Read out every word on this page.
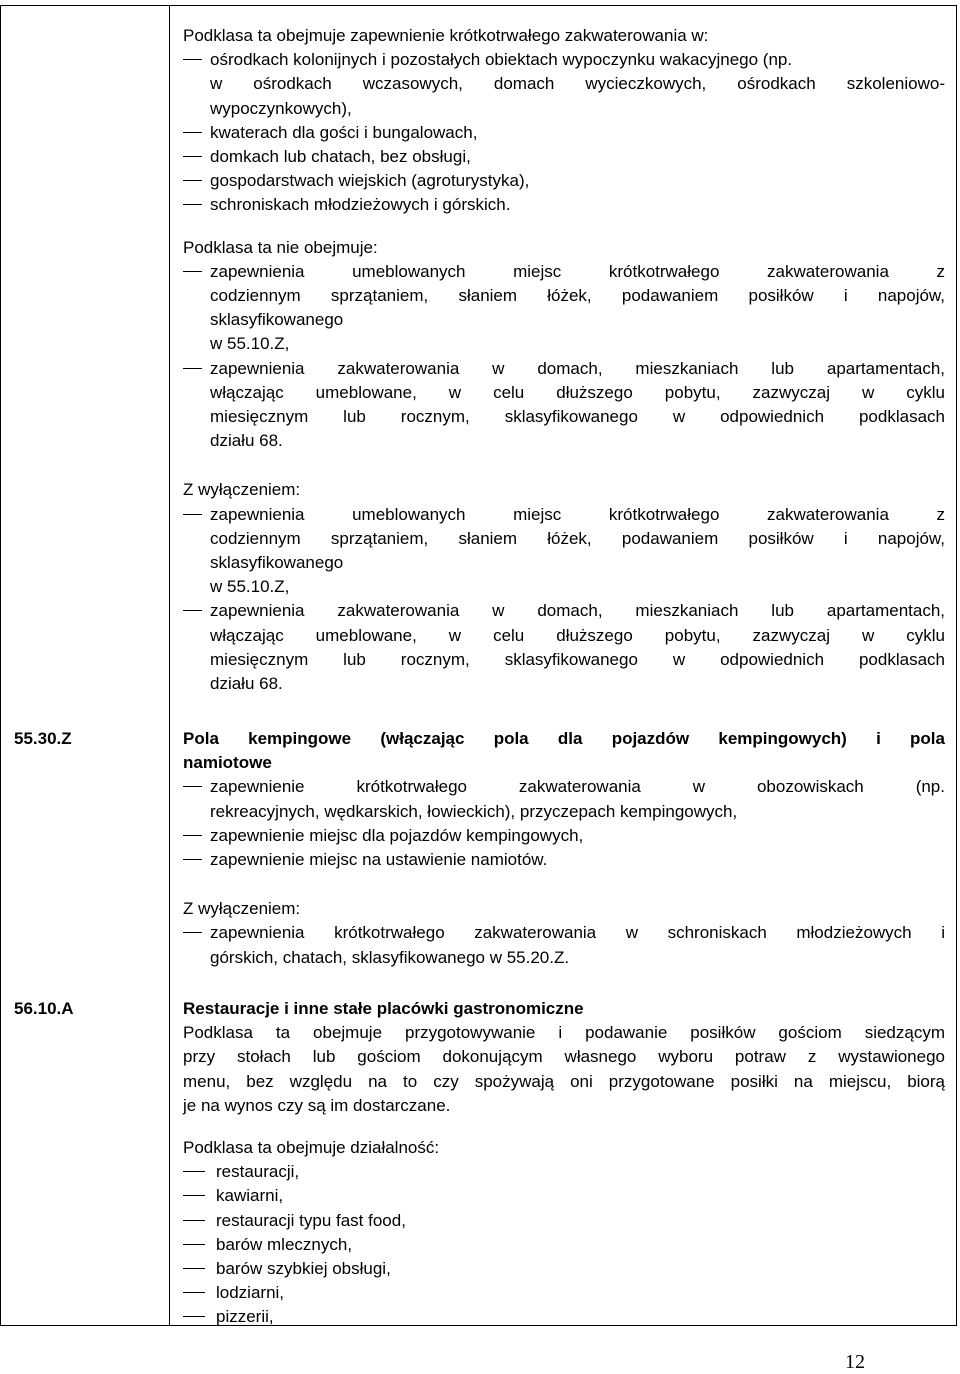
Podklasa ta obejmuje zapewnienie krótkotrwałego zakwaterowania w:
ośrodkach kolonijnych i pozostałych obiektach wypoczynku wakacyjnego (np.
w ośrodkach wczasowych, domach wycieczkowych, ośrodkach szkoleniowo-
wypoczynkowych),
kwaterach dla gości i bungalowach,
domkach lub chatach, bez obsługi,
gospodarstwach wiejskich (agroturystyka),
schroniskach młodzieżowych i górskich.
Podklasa ta nie obejmuje:
zapewnienia umeblowanych miejsc krótkotrwałego zakwaterowania z
codziennym sprzątaniem, słaniem łóżek, podawaniem posiłków i napojów,
sklasyfikowanego
w 55.10.Z,
zapewnienia zakwaterowania w domach, mieszkaniach lub apartamentach,
włączając umeblowane, w celu dłuższego pobytu, zazwyczaj w cyklu
miesięcznym lub rocznym, sklasyfikowanego w odpowiednich podklasach
działu 68.
Z wyłączeniem:
zapewnienia umeblowanych miejsc krótkotrwałego zakwaterowania z
codziennym sprzątaniem, słaniem łóżek, podawaniem posiłków i napojów,
sklasyfikowanego
w 55.10.Z,
zapewnienia zakwaterowania w domach, mieszkaniach lub apartamentach,
włączając umeblowane, w celu dłuższego pobytu, zazwyczaj w cyklu
miesięcznym lub rocznym, sklasyfikowanego w odpowiednich podklasach
działu 68.
55.30.Z	Pola kempingowe (włączając pola dla pojazdów kempingowych) i pola
namiotowe
zapewnienie krótkotrwałego zakwaterowania w obozowiskach (np.
rekreacyjnych, wędkarskich, łowieckich), przyczepach kempingowych,
zapewnienie miejsc dla pojazdów kempingowych,
zapewnienie miejsc na ustawienie namiotów.
Z wyłączeniem:
zapewnienia krótkotrwałego zakwaterowania w schroniskach młodzieżowych i
górskich, chatach, sklasyfikowanego w 55.20.Z.
56.10.A	Restauracje i inne stałe placówki gastronomiczne
Podklasa ta obejmuje przygotowywanie i podawanie posiłków gościom siedzącym
przy stołach lub gościom dokonującym własnego wyboru potraw z wystawionego
menu, bez względu na to czy spożywają oni przygotowane posiłki na miejscu, biorą
je na wynos czy są im dostarczane.
Podklasa ta obejmuje działalność:
restauracji,
kawiarni,
restauracji typu fast food,
barów mlecznych,
barów szybkiej obsługi,
lodziarni,
pizzerii,
12
